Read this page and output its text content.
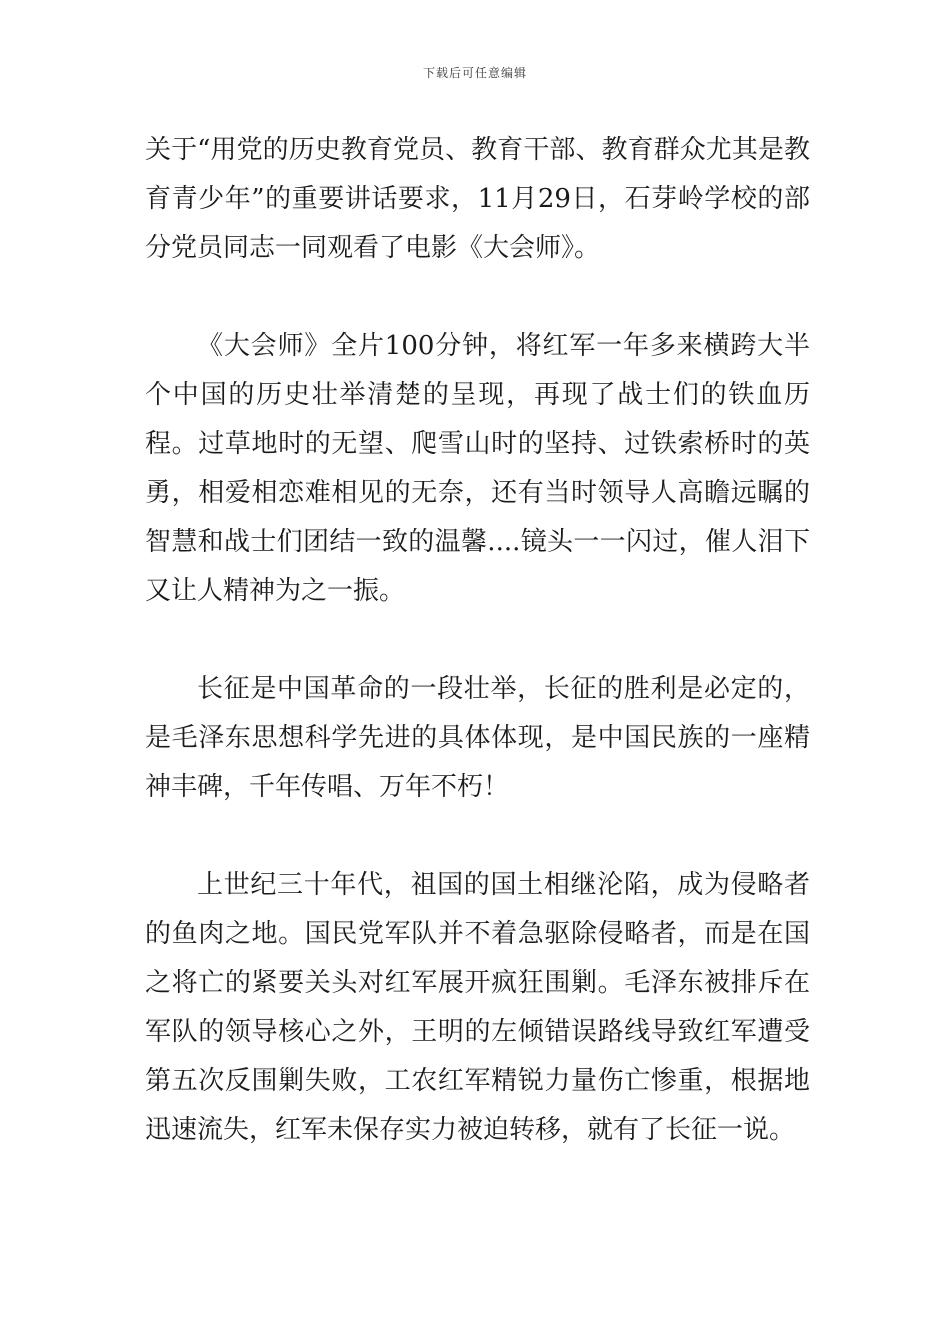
下载后可任意编辑

关于“用党的历史教育党员、教育干部、教育群众尤其是教育青少年”的重要讲话要求，11月29日，石芽岭学校的部分党员同志一同观看了电影《大会师》。

《大会师》全片100分钟，将红军一年多来横跨大半个中国的历史壮举清楚的呈现，再现了战士们的铁血历程。过草地时的无望、爬雪山时的坚持、过铁索桥时的英勇，相爱相恋难相见的无奈，还有当时领导人高瞻远瞩的智慧和战士们团结一致的温馨....镜头一一闪过，催人泪下又让人精神为之一振。

长征是中国革命的一段壮举，长征的胜利是必定的，是毛泽东思想科学先进的具体体现，是中国民族的一座精神丰碑，千年传唱、万年不朽！

上世纪三十年代，祖国的国土相继沦陷，成为侵略者的鱼肉之地。国民党军队并不着急驱除侵略者，而是在国之将亡的紧要关头对红军展开疯狂围剿。毛泽东被排斥在军队的领导核心之外，王明的左倾错误路线导致红军遭受第五次反围剿失败，工农红军精锐力量伤亡惨重，根据地迅速流失，红军未保存实力被迫转移，就有了长征一说。
